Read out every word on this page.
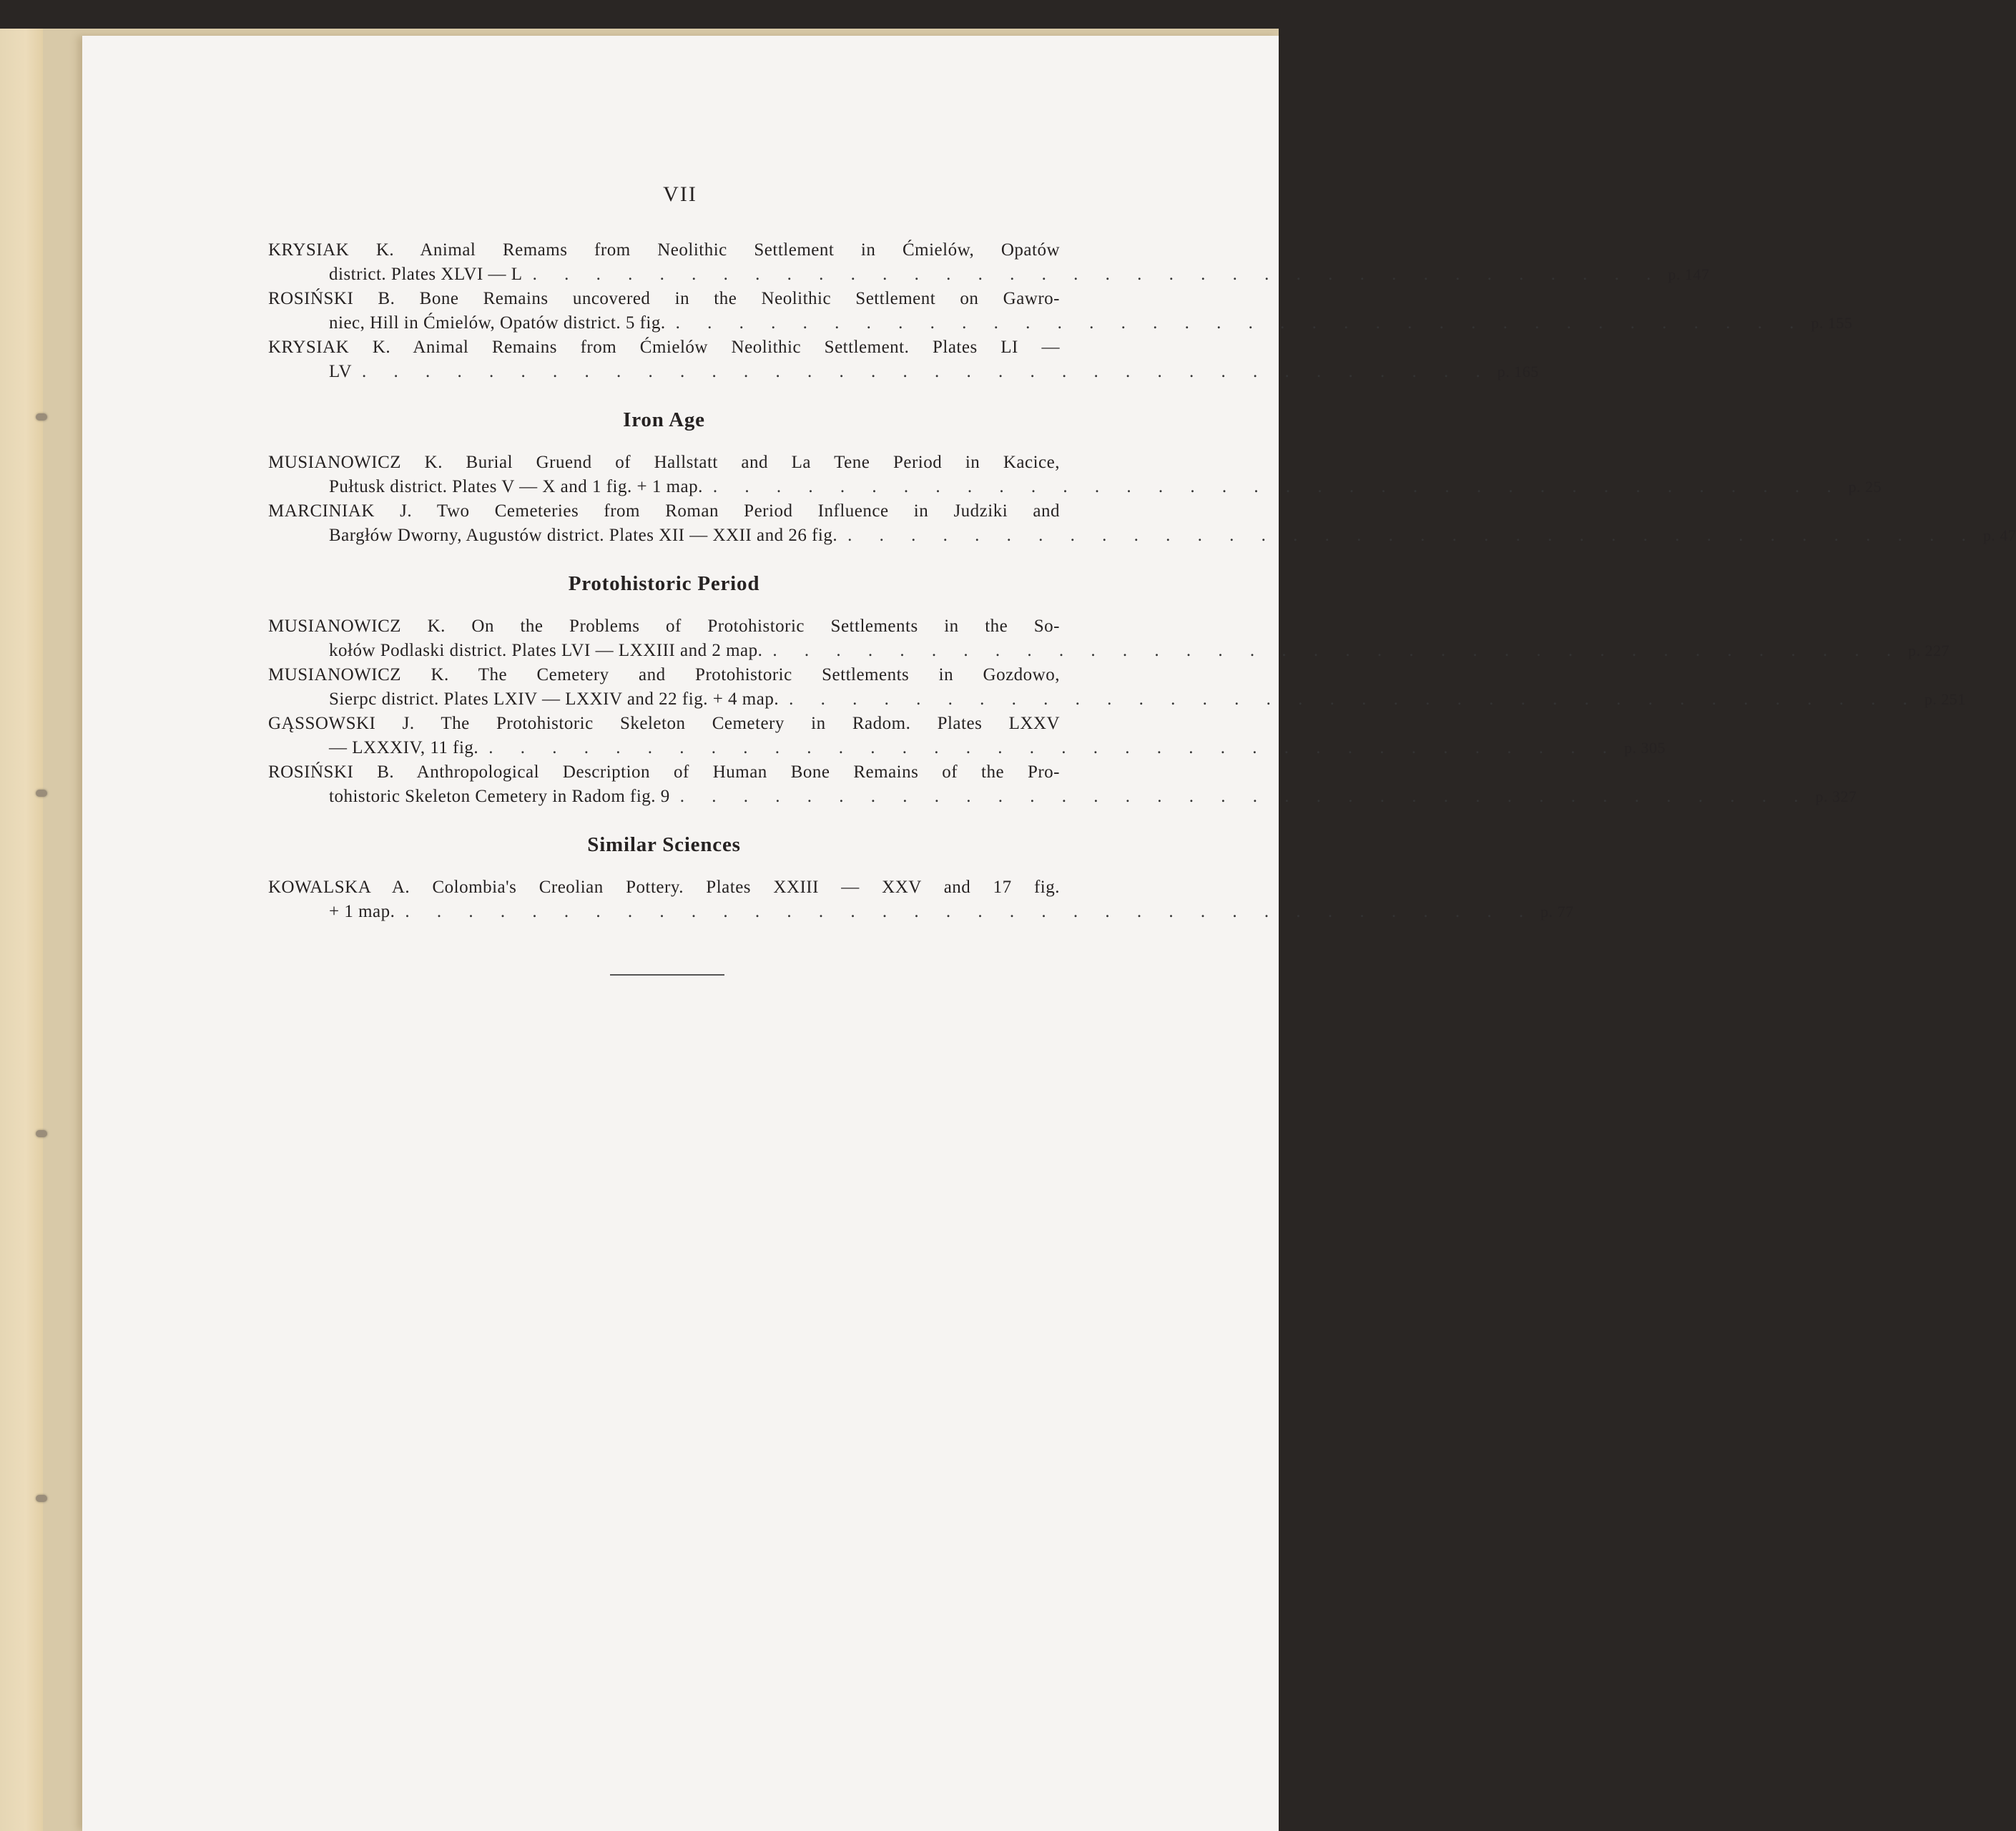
VII
KRYSIAK K. Animal Remams from Neolithic Settlement in Ćmielów, Opatów
district. Plates XLVI — L . . . . . . . . . . . . . . . . . . . . . . . . . . . . . . . . . . . . p. 147
ROSIŃSKI B. Bone Remains uncovered in the Neolithic Settlement on Gawro-
niec, Hill in Ćmielów, Opatów district. 5 fig. . . . . . . . . . . . . . . . . . . . . . . . . . . . . . . . . . . . . p. 155
KRYSIAK K. Animal Remains from Ćmielów Neolithic Settlement. Plates LI —
LV . . . . . . . . . . . . . . . . . . . . . . . . . . . . . . . . . . . . p. 165
Iron Age
MUSIANOWICZ K. Burial Gruend of Hallstatt and La Tene Period in Kacice,
Pułtusk district. Plates V — X and 1 fig. + 1 map. . . . . . . . . . . . . . . . . . . . . . . . . . . . . . . . . . . . . p. 25
MARCINIAK J. Two Cemeteries from Roman Period Influence in Judziki and
Bargłów Dworny, Augustów district. Plates XII — XXII and 26 fig. . . . . . . . . . . . . . . . . . . . . . . . . . . . . . . . . . . . . p. 47
Protohistoric Period
MUSIANOWICZ K. On the Problems of Protohistoric Settlements in the So-
kołów Podlaski district. Plates LVI — LXXIII and 2 map. . . . . . . . . . . . . . . . . . . . . . . . . . . . . . . . . . . . . p. 227
MUSIANOWICZ K. The Cemetery and Protohistoric Settlements in Gozdowo,
Sierpc district. Plates LXIV — LXXIV and 22 fig. + 4 map. . . . . . . . . . . . . . . . . . . . . . . . . . . . . . . . . . . . . p. 251
GĄSSOWSKI J. The Protohistoric Skeleton Cemetery in Radom. Plates LXXV
— LXXXIV, 11 fig. . . . . . . . . . . . . . . . . . . . . . . . . . . . . . . . . . . . . p. 305
ROSIŃSKI B. Anthropological Description of Human Bone Remains of the Pro-
tohistoric Skeleton Cemetery in Radom fig. 9 . . . . . . . . . . . . . . . . . . . . . . . . . . . . . . . . . . . . p. 327
Similar Sciences
KOWALSKA A. Colombia's Creolian Pottery. Plates XXIII — XXV and 17 fig.
+ 1 map. . . . . . . . . . . . . . . . . . . . . . . . . . . . . . . . . . . . . p. 77
